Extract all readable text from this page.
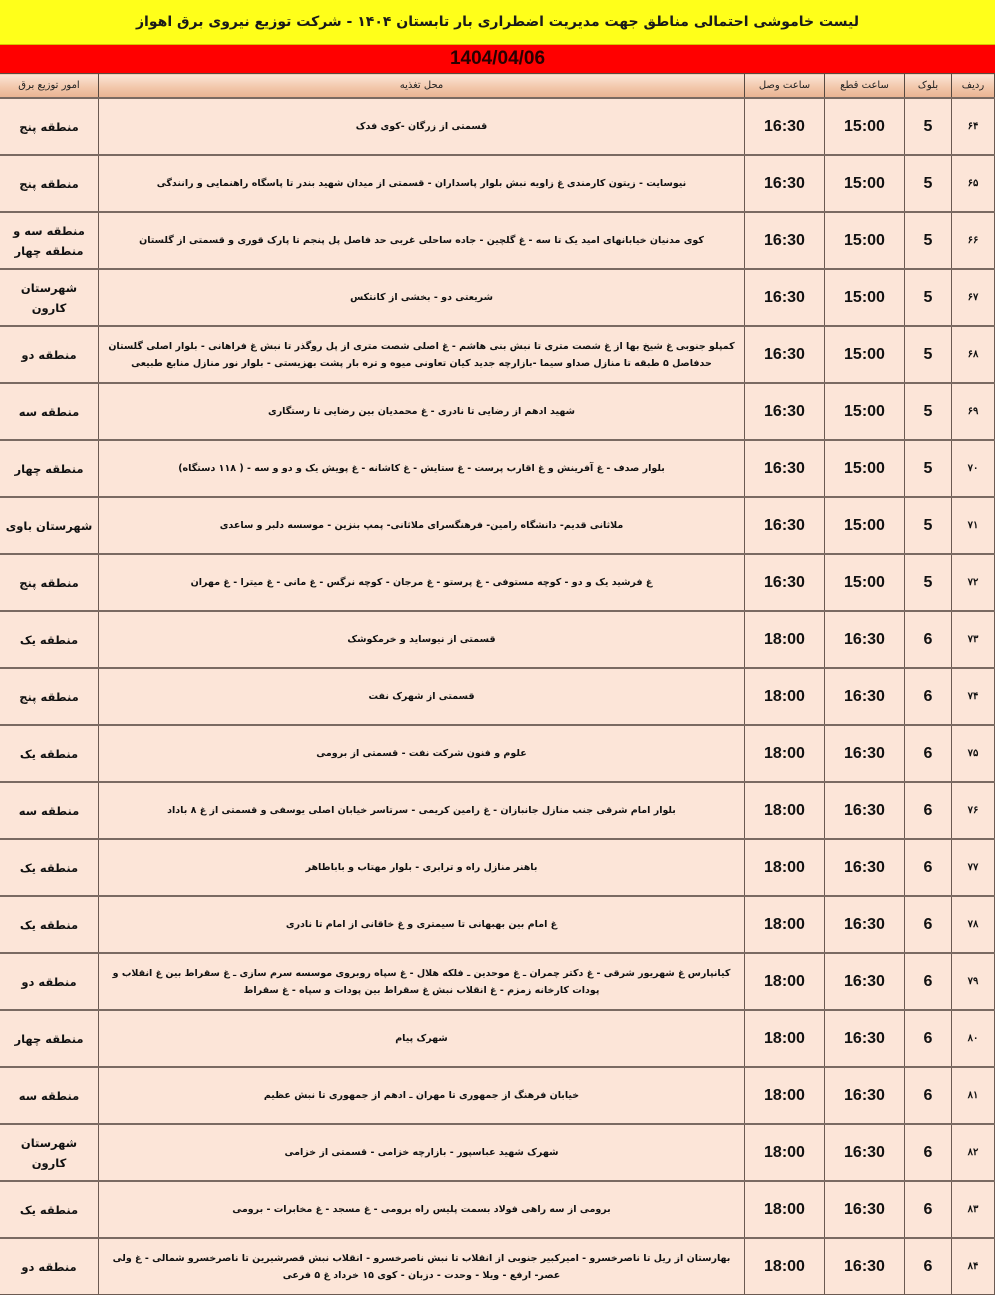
لیست خاموشی احتمالی مناطق جهت مدیریت اضطراری بار تابستان ۱۴۰۴ - شرکت توزیع نیروی برق اهواز
1404/04/06
ردیف	بلوک	ساعت قطع	ساعت وصل	محل تغذیه	امور توزیع برق
۶۴	5	15:00	16:30	قسمتی از زرگان -کوی فدک	منطقه پنج
۶۵	5	15:00	16:30	نیوسایت - زیتون کارمندی غ زاویه نبش بلوار پاسداران - قسمتی از میدان شهید بندر تا پاسگاه راهنمایی و رانندگی	منطقه پنج
۶۶	5	15:00	16:30	کوی مدنیان خیابانهای امید یک تا سه - غ گلچین - جاده ساحلی غربی حد فاصل پل پنجم تا پارک قوری و قسمتی از گلستان	منطقه سه و منطقه چهار
۶۷	5	15:00	16:30	شریعتی دو - بخشی از کانتکس	شهرستان کارون
۶۸	5	15:00	16:30	کمپلو جنوبی غ شیخ بها از غ شصت متری تا نبش بنی هاشم - غ اصلی شصت متری از پل روگذر تا نبش غ فراهانی - بلوار اصلی گلستان حدفاصل ۵ طبقه تا منازل صداو سیما -بازارچه جدید کیان تعاونی میوه و تره بار پشت بهزیستی - بلوار نور منازل منابع طبیعی	منطقه دو
۶۹	5	15:00	16:30	شهید ادهم از رضایی تا نادری - غ محمدیان بین رضایی تا رستگاری	منطقه سه
۷۰	5	15:00	16:30	بلوار صدف - غ آفرینش و غ اقارب پرست - غ ستایش - غ کاشانه - غ پویش یک و دو و سه - ( ۱۱۸ دستگاه)	منطقه چهار
۷۱	5	15:00	16:30	ملاثانی قدیم- دانشگاه رامین- فرهنگسرای ملاثانی- پمپ بنزین - موسسه دلبر و ساعدی	شهرستان باوی
۷۲	5	15:00	16:30	غ فرشید یک و دو - کوچه مستوفی - غ پرستو - غ مرجان - کوچه نرگس - غ مانی - غ میترا - غ مهران	منطقه پنج
۷۳	6	16:30	18:00	قسمتی از نیوساید و خرمکوشک	منطقه یک
۷۴	6	16:30	18:00	قسمتی از شهرک نفت	منطقه پنج
۷۵	6	16:30	18:00	علوم و فنون شرکت نفت - قسمتی از برومی	منطقه یک
۷۶	6	16:30	18:00	بلوار امام شرقی جنب منازل جانبازان - غ رامین کریمی - سرتاسر خیابان اصلی یوسفی و قسمتی از غ ۸ باداد	منطقه سه
۷۷	6	16:30	18:00	باهنر منازل راه و ترابری - بلوار مهتاب و باباطاهر	منطقه یک
۷۸	6	16:30	18:00	غ امام بین بهبهانی تا سیمتری و غ خاقانی از امام تا نادری	منطقه یک
۷۹	6	16:30	18:00	کیانپارس غ شهریور شرقی - غ دکتر چمران ـ غ موحدین ـ فلکه هلال - غ سپاه روبروی موسسه سرم سازی ـ غ سقراط بین غ انقلاب و پودات کارخانه زمزم - غ انقلاب نبش غ سقراط بین پودات و سپاه - غ سقراط	منطقه دو
۸۰	6	16:30	18:00	شهرک پیام	منطقه چهار
۸۱	6	16:30	18:00	خیابان فرهنگ از جمهوری تا مهران ـ ادهم از جمهوری تا نبش عظیم	منطقه سه
۸۲	6	16:30	18:00	شهرک شهید عباسپور - بازارچه خزامی - قسمتی از خزامی	شهرستان کارون
۸۳	6	16:30	18:00	برومی از سه راهی فولاد بسمت پلیس راه برومی - غ مسجد - غ مخابرات - برومی	منطقه یک
۸۴	6	16:30	18:00	بهارستان از ریل تا ناصرخسرو - امیرکبیر جنوبی از انقلاب تا نبش ناصرخسرو - انقلاب نبش قصرشیرین تا ناصرخسرو شمالی - غ ولی عصر- ارفع - ویلا - وحدت - دزبان - کوی ۱۵ خرداد غ ۵ فرعی	منطقه دو
